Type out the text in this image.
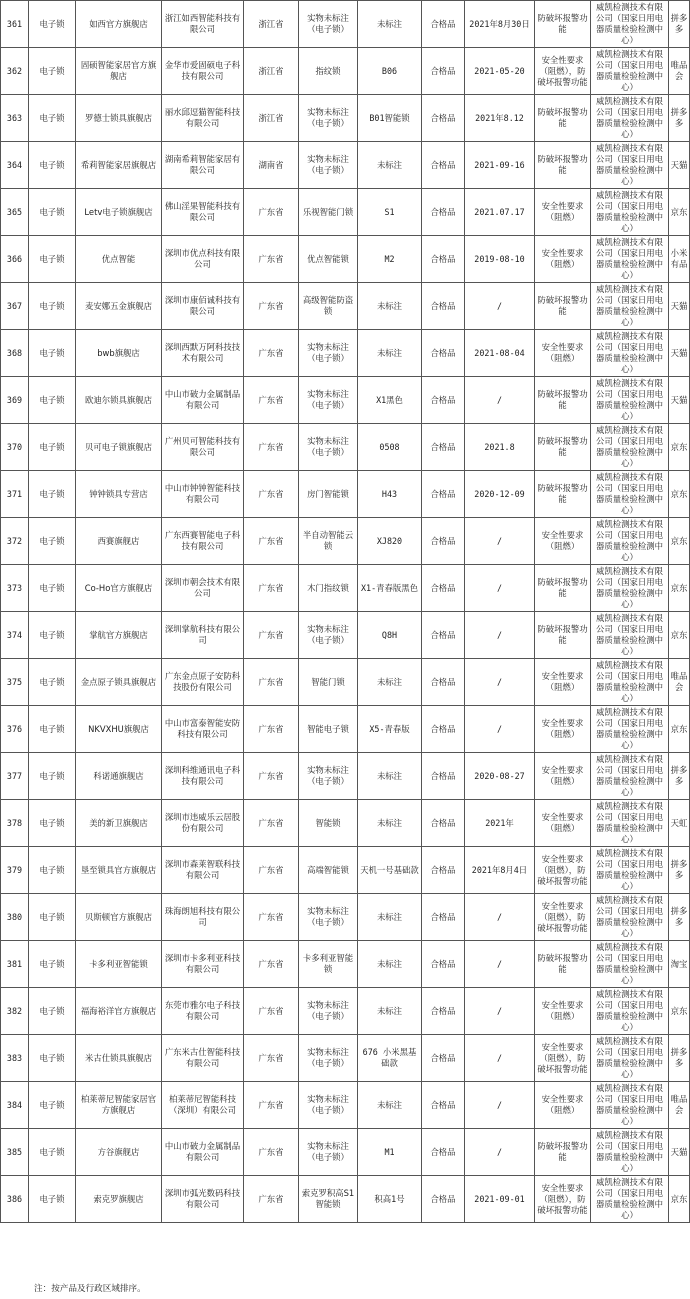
361	电子锁	如西官方旗舰店	浙江如西智能科技有限公司	浙江省	实物未标注（电子锁）	未标注	合格品	2021年8月30日	防破坏报警功能	威凯检测技术有限公司（国家日用电器质量检验检测中心）	拼多多
362	电子锁	固硕智能家居官方旗舰店	金华市爱固硕电子科技有限公司	浙江省	指纹锁	B06	合格品	2021-05-20	安全性要求（阻燃），防破坏报警功能	威凯检测技术有限公司（国家日用电器质量检验检测中心）	唯品会
363	电子锁	罗德士锁具旗舰店	丽水邱逗猫智能科技有限公司	浙江省	实物未标注（电子锁）	B01智能锁	合格品	2021年8.12	防破坏报警功能	威凯检测技术有限公司（国家日用电器质量检验检测中心）	拼多多
364	电子锁	希莉智能家居旗舰店	湖南希莉智能家居有限公司	湖南省	实物未标注（电子锁）	未标注	合格品	2021-09-16	防破坏报警功能	威凯检测技术有限公司（国家日用电器质量检验检测中心）	天猫
365	电子锁	Letv电子锁旗舰店	佛山淫果智能科技有限公司	广东省	乐视智能门锁	S1	合格品	2021.07.17	安全性要求（阻燃）	威凯检测技术有限公司（国家日用电器质量检验检测中心）	京东
366	电子锁	优点智能	深圳市优点科技有限公司	广东省	优点智能锁	M2	合格品	2019-08-10	安全性要求（阻燃）	威凯检测技术有限公司（国家日用电器质量检验检测中心）	小米有品
367	电子锁	麦安娜五金旗舰店	深圳市康佰诚科技有限公司	广东省	高级智能防盗锁	未标注	合格品	/	防破坏报警功能	威凯检测技术有限公司（国家日用电器质量检验检测中心）	天猫
368	电子锁	bwb旗舰店	深圳西默万阿科技技术有限公司	广东省	实物未标注（电子锁）	未标注	合格品	2021-08-04	安全性要求（阻燃）	威凯检测技术有限公司（国家日用电器质量检验检测中心）	天猫
369	电子锁	欧迪尔锁具旗舰店	中山市破力金属制品有限公司	广东省	实物未标注（电子锁）	X1黑色	合格品	/	防破坏报警功能	威凯检测技术有限公司（国家日用电器质量检验检测中心）	天猫
370	电子锁	贝可电子锁旗舰店	广州贝可智能科技有限公司	广东省	实物未标注（电子锁）	0508	合格品	2021.8	防破坏报警功能	威凯检测技术有限公司（国家日用电器质量检验检测中心）	京东
371	电子锁	钟钟锁具专营店	中山市钟钟智能科技有限公司	广东省	房门智能锁	H43	合格品	2020-12-09	防破坏报警功能	威凯检测技术有限公司（国家日用电器质量检验检测中心）	京东
372	电子锁	西赛旗舰店	广东西赛智能电子科技有限公司	广东省	半自动智能云锁	XJ820	合格品	/	安全性要求（阻燃）	威凯检测技术有限公司（国家日用电器质量检验检测中心）	京东
373	电子锁	Co-Ho官方旗舰店	深圳市朝会技术有限公司	广东省	木门指纹锁	X1-青春版黑色	合格品	/	防破坏报警功能	威凯检测技术有限公司（国家日用电器质量检验检测中心）	京东
374	电子锁	掌航官方旗舰店	深圳掌航科技有限公司	广东省	实物未标注（电子锁）	Q8H	合格品	/	防破坏报警功能	威凯检测技术有限公司（国家日用电器质量检验检测中心）	京东
375	电子锁	金点原子锁具旗舰店	广东金点原子安防科技股份有限公司	广东省	智能门锁	未标注	合格品	/	安全性要求（阻燃）	威凯检测技术有限公司（国家日用电器质量检验检测中心）	唯品会
376	电子锁	NKVXHU旗舰店	中山市富泰智能安防科技有限公司	广东省	智能电子锁	X5-青春版	合格品	/	安全性要求（阻燃）	威凯检测技术有限公司（国家日用电器质量检验检测中心）	京东
377	电子锁	科诺通旗舰店	深圳科维通讯电子科技有限公司	广东省	实物未标注（电子锁）	未标注	合格品	2020-08-27	安全性要求（阻燃）	威凯检测技术有限公司（国家日用电器质量检验检测中心）	拼多多
378	电子锁	美的新卫旗舰店	深圳市违威乐云居股份有限公司	广东省	智能锁	未标注	合格品	2021年	安全性要求（阻燃）	威凯检测技术有限公司（国家日用电器质量检验检测中心）	天虹
379	电子锁	垦至锁具官方旗舰店	深圳市森莱智联科技有限公司	广东省	高端智能锁	天机一号基础款	合格品	2021年8月4日	安全性要求（阻燃），防破坏报警功能	威凯检测技术有限公司（国家日用电器质量检验检测中心）	拼多多
380	电子锁	贝斯顿官方旗舰店	珠海朗旭科技有限公司	广东省	实物未标注（电子锁）	未标注	合格品	/	安全性要求（阻燃），防破坏报警功能	威凯检测技术有限公司（国家日用电器质量检验检测中心）	拼多多
381	电子锁	卡多利亚智能锁	深圳市卡多利亚科技有限公司	广东省	卡多利亚智能锁	未标注	合格品	/	防破坏报警功能	威凯检测技术有限公司（国家日用电器质量检验检测中心）	淘宝
382	电子锁	福海裕洋官方旗舰店	东莞市雅尔电子科技有限公司	广东省	实物未标注（电子锁）	未标注	合格品	/	安全性要求（阻燃）	威凯检测技术有限公司（国家日用电器质量检验检测中心）	京东
383	电子锁	米古仕锁具旗舰店	广东米古仕智能科技有限公司	广东省	实物未标注（电子锁）	676 小米黑基础款	合格品	/	安全性要求（阻燃），防破坏报警功能	威凯检测技术有限公司（国家日用电器质量检验检测中心）	拼多多
384	电子锁	柏莱蒂尼智能家居官方旗舰店	柏莱蒂尼智能科技（深圳）有限公司	广东省	实物未标注（电子锁）	未标注	合格品	/	安全性要求（阻燃）	威凯检测技术有限公司（国家日用电器质量检验检测中心）	唯品会
385	电子锁	方谷旗舰店	中山市破力金属制品有限公司	广东省	实物未标注（电子锁）	M1	合格品	/	防破坏报警功能	威凯检测技术有限公司（国家日用电器质量检验检测中心）	天猫
386	电子锁	索克罗旗舰店	深圳市弧光数码科技有限公司	广东省	索克罗积高S1智能锁	积高1号	合格品	2021-09-01	安全性要求（阻燃），防破坏报警功能	威凯检测技术有限公司（国家日用电器质量检验检测中心）	京东
注：按产品及行政区域排序。
